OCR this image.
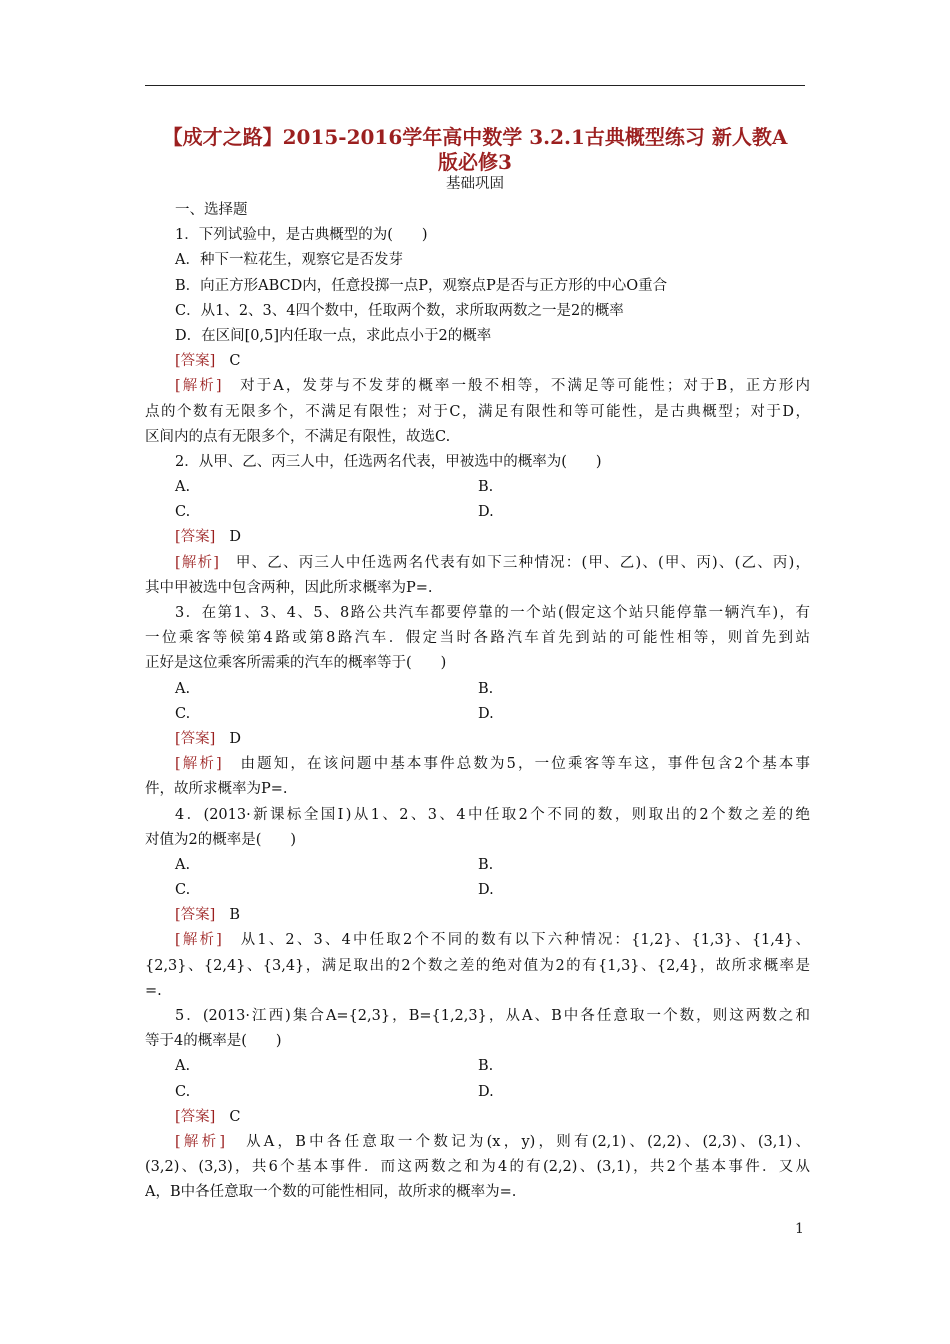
【成才之路】2015-2016学年高中数学 3.2.1古典概型练习 新人教A
版必修3
基础巩固
一、选择题
1．下列试验中，是古典概型的为(　　)
A．种下一粒花生，观察它是否发芽
B．向正方形ABCD内，任意投掷一点P，观察点P是否与正方形的中心O重合
C．从1、2、3、4四个数中，任取两个数，求所取两数之一是2的概率
D．在区间[0,5]内任取一点，求此点小于2的概率
[答案] C
[解析]　 对于A，发芽与不发芽的概率一般不相等，不满足等可能性；对于B，正方形内
点的个数有无限多个，不满足有限性；对于C，满足有限性和等可能性，是古典概型；对于D，
区间内的点有无限多个，不满足有限性，故选C.
2．从甲、乙、丙三人中，任选两名代表，甲被选中的概率为(　　)
A.	B.
C.	D.
[答案] D
[解析]　 甲、乙、丙三人中任选两名代表有如下三种情况：(甲、乙)、(甲、丙)、(乙、丙)，
其中甲被选中包含两种，因此所求概率为P=.
3．在第1、3、4、5、8路公共汽车都要停靠的一个站(假定这个站只能停靠一辆汽车)，有
一位乘客等候第4路或第8路汽车．假定当时各路汽车首先到站的可能性相等，则首先到站
正好是这位乘客所需乘的汽车的概率等于(　　)
A.	B.
C.	D.
[答案] D
[解析]　 由题知，在该问题中基本事件总数为5，一位乘客等车这，事件包含2个基本事
件，故所求概率为P=.
4．(2013·新课标全国Ⅰ)从1、2、3、4中任取2个不同的数，则取出的2个数之差的绝
对值为2的概率是(　　)
A.	B.
C.	D.
[答案] B
[解析]　 从1、2、3、4中任取2个不同的数有以下六种情况：{1,2}、{1,3}、{1,4}、
{2,3}、{2,4}、{3,4}，满足取出的2个数之差的绝对值为2的有{1,3}、{2,4}，故所求概率是
=.
5．(2013·江西)集合A={2,3}，B={1,2,3}，从A、B中各任意取一个数，则这两数之和
等于4的概率是(　　)
A.	B.
C.	D.
[答案] C
[解析]　 从A，B中各任意取一个数记为(x，y)，则有(2,1)、(2,2)、(2,3)、(3,1)、
(3,2)、(3,3)，共6个基本事件．而这两数之和为4的有(2,2)、(3,1)，共2个基本事件．又从
A，B中各任意取一个数的可能性相同，故所求的概率为=.
1
